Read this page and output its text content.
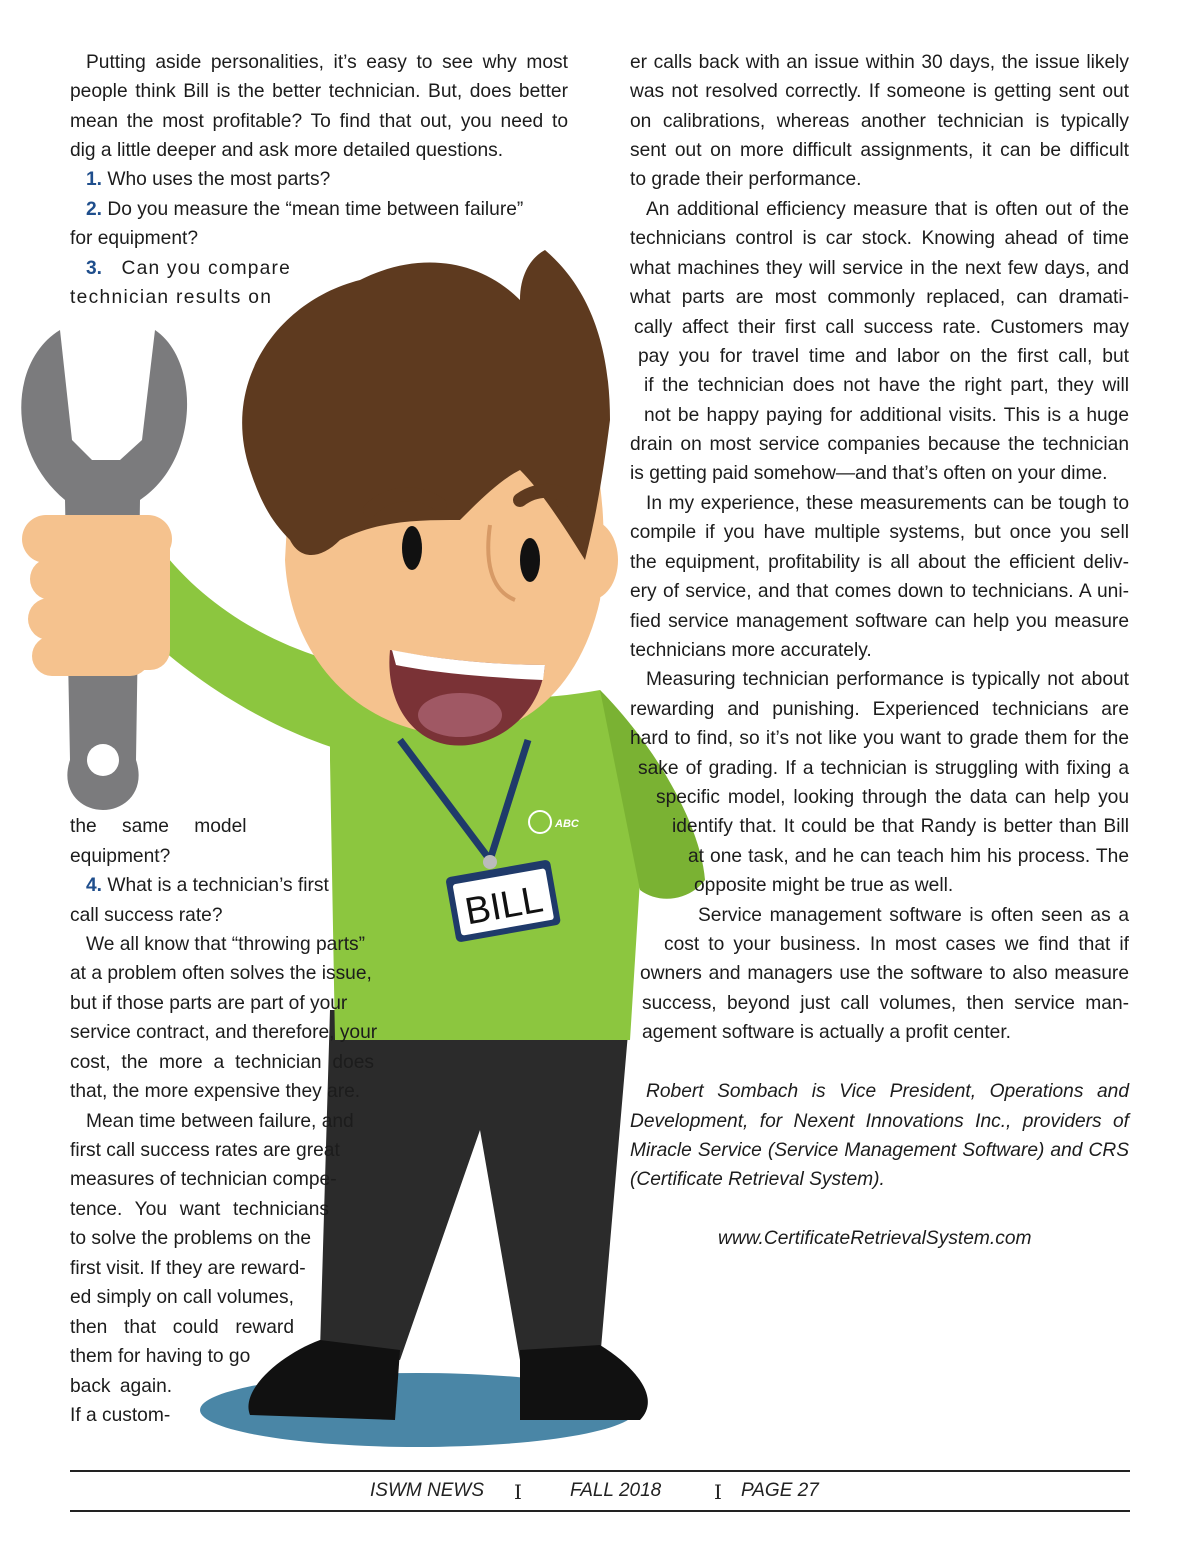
ABC
BILL
Putting aside personalities, it’s easy to see why most
people think Bill is the better technician. But, does better
mean the most profitable? To find that out, you need to
dig a little deeper and ask more detailed questions.
1. Who uses the most parts?
2. Do you measure the “mean time between failure”
for equipment?
3. Can you compare
technician results on
the same model
equipment?
4. What is a technician’s first
call success rate?
We all know that “throwing parts”
at a problem often solves the issue,
but if those parts are part of your
service contract, and therefore, your
cost, the more a technician does
that, the more expensive they are.
Mean time between failure, and
first call success rates are great
measures of technician compe-
tence. You want technicians
to solve the problems on the
first visit. If they are reward-
ed simply on call volumes,
then that could reward
them for having to go
back again.
If a custom-
Robert Sombach is Vice President, Operations and
Development, for Nexent Innovations Inc., providers of
Miracle Service (Service Management Software) and CRS
(Certificate Retrieval System).
www.CertificateRetrievalSystem.com
ISWM NEWS I	FALL 2018	I PAGE 27
er calls back with an issue within 30 days, the issue likely
was not resolved correctly. If someone is getting sent out
on calibrations, whereas another technician is typically
sent out on more difficult assignments, it can be difficult
to grade their performance.
An additional efficiency measure that is often out of the
technicians control is car stock. Knowing ahead of time
what machines they will service in the next few days, and
what parts are most commonly replaced, can dramati-
cally affect their first call success rate. Customers may
pay you for travel time and labor on the first call, but
if the technician does not have the right part, they will
not be happy paying for additional visits. This is a huge
drain on most service companies because the technician
is getting paid somehow—and that’s often on your dime.
In my experience, these measurements can be tough to
compile if you have multiple systems, but once you sell
the equipment, profitability is all about the efficient deliv-
ery of service, and that comes down to technicians. A uni-
fied service management software can help you measure
technicians more accurately.
Measuring technician performance is typically not about
rewarding and punishing. Experienced technicians are
hard to find, so it’s not like you want to grade them for the
sake of grading. If a technician is struggling with fixing a
specific model, looking through the data can help you
identify that. It could be that Randy is better than Bill
at one task, and he can teach him his process. The
opposite might be true as well.
Service management software is often seen as a
cost to your business. In most cases we find that if
owners and managers use the software to also measure
success, beyond just call volumes, then service man-
agement software is actually a profit center.
